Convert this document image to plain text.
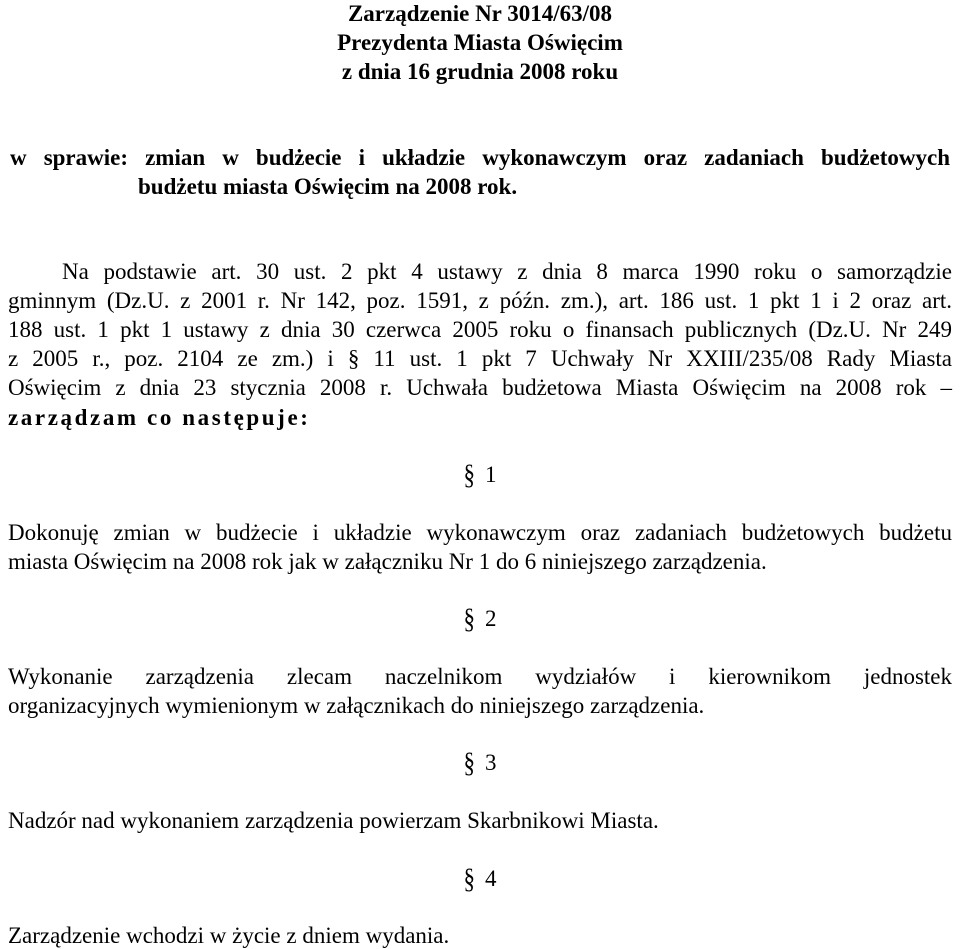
Zarządzenie Nr 3014/63/08
Prezydenta Miasta Oświęcim
z dnia 16 grudnia 2008 roku
w sprawie: zmian w budżecie i układzie wykonawczym oraz zadaniach budżetowych
budżetu miasta Oświęcim na 2008 rok.
Na podstawie art. 30 ust. 2 pkt 4 ustawy z dnia 8 marca 1990 roku o samorządzie
gminnym (Dz.U. z 2001 r. Nr 142, poz. 1591, z późn. zm.), art. 186 ust. 1 pkt 1 i 2 oraz art.
188 ust. 1 pkt 1 ustawy z dnia 30 czerwca 2005 roku o finansach publicznych (Dz.U. Nr 249
z 2005 r., poz. 2104 ze zm.) i § 11 ust. 1 pkt 7 Uchwały Nr XXIII/235/08 Rady Miasta
Oświęcim z dnia 23 stycznia 2008 r. Uchwała budżetowa Miasta Oświęcim na 2008 rok –
zarządzam co następuje:
§ 1
Dokonuję zmian w budżecie i układzie wykonawczym oraz zadaniach budżetowych budżetu
miasta Oświęcim na 2008 rok jak w załączniku Nr 1 do 6 niniejszego zarządzenia.
§ 2
Wykonanie zarządzenia zlecam naczelnikom wydziałów i kierownikom jednostek
organizacyjnych wymienionym w załącznikach do niniejszego zarządzenia.
§ 3
Nadzór nad wykonaniem zarządzenia powierzam Skarbnikowi Miasta.
§ 4
Zarządzenie wchodzi w życie z dniem wydania.
